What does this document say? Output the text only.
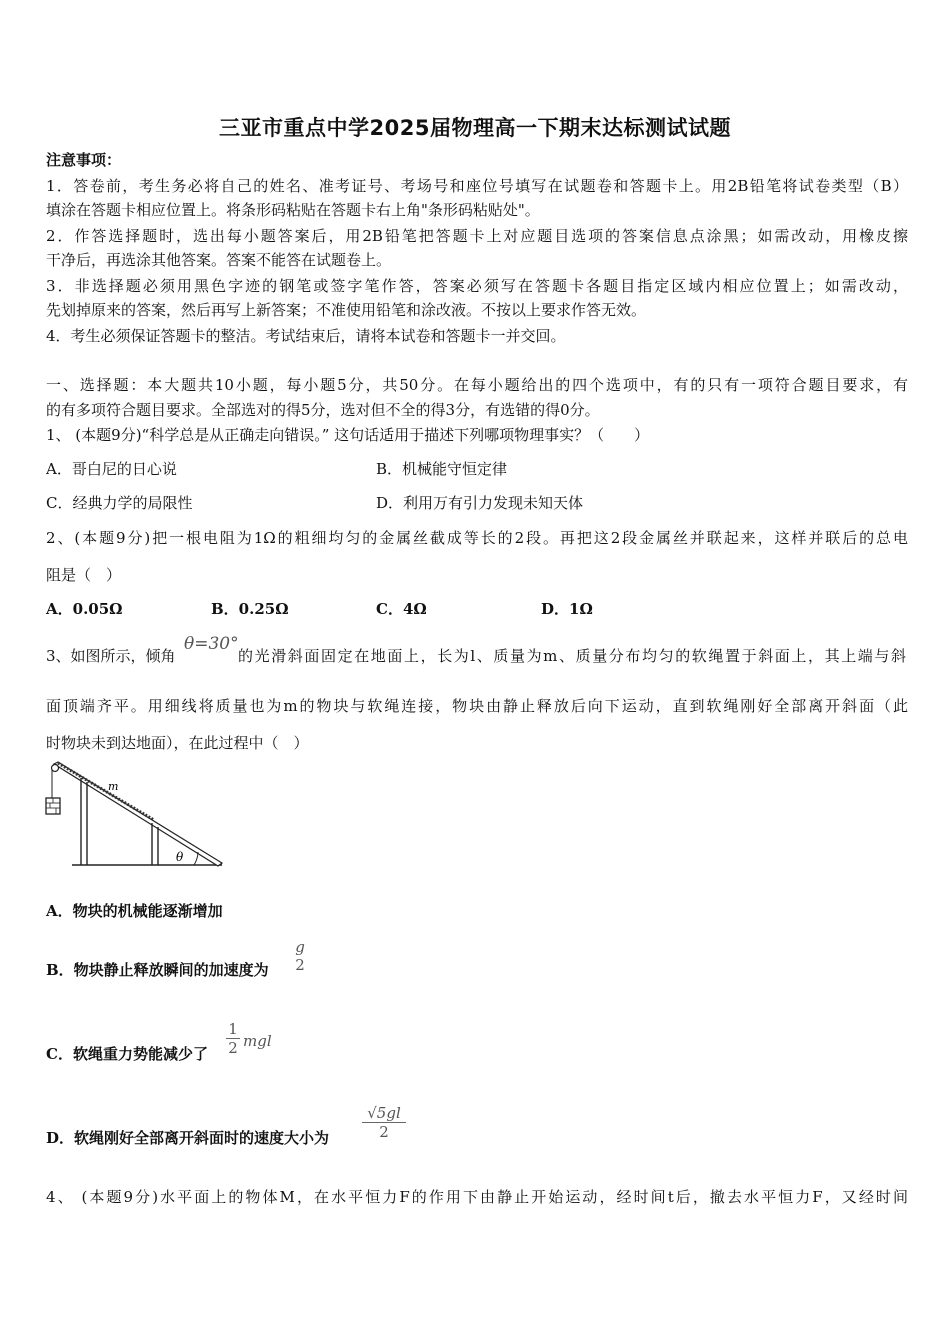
三亚市重点中学2025届物理高一下期末达标测试试题
注意事项：
1．答卷前，考生务必将自己的姓名、准考证号、考场号和座位号填写在试题卷和答题卡上。用2B铅笔将试卷类型（B）
填涂在答题卡相应位置上。将条形码粘贴在答题卡右上角"条形码粘贴处"。
2．作答选择题时，选出每小题答案后，用2B铅笔把答题卡上对应题目选项的答案信息点涂黑；如需改动，用橡皮擦
干净后，再选涂其他答案。答案不能答在试题卷上。
3．非选择题必须用黑色字迹的钢笔或签字笔作答，答案必须写在答题卡各题目指定区域内相应位置上；如需改动，
先划掉原来的答案，然后再写上新答案；不准使用铅笔和涂改液。不按以上要求作答无效。
4．考生必须保证答题卡的整洁。考试结束后，请将本试卷和答题卡一并交回。
一、选择题：本大题共10小题，每小题5分，共50分。在每小题给出的四个选项中，有的只有一项符合题目要求，有
的有多项符合题目要求。全部选对的得5分，选对但不全的得3分，有选错的得0分。
1、 (本题9分)“科学总是从正确走向错误。” 这句话适用于描述下列哪项物理事实？（　　）
A．哥白尼的日心说	B．机械能守恒定律
C．经典力学的局限性	D．利用万有引力发现未知天体
2、(本题9分)把一根电阻为1Ω的粗细均匀的金属丝截成等长的2段。再把这2段金属丝并联起来，这样并联后的总电
阻是（　）
A．0.05Ω	B．0.25Ω	C．4Ω	D．1Ω
3、如图所示，倾角
θ=30°
的光滑斜面固定在地面上，长为l、质量为m、质量分布均匀的软绳置于斜面上，其上端与斜
面顶端齐平。用细线将质量也为m的物块与软绳连接，物块由静止释放后向下运动，直到软绳刚好全部离开斜面（此
时物块未到达地面），在此过程中（　）
θ
m
A．物块的机械能逐渐增加
B．物块静止释放瞬间的加速度为
g
2
C．软绳重力势能减少了
1
2 mgl
D．软绳刚好全部离开斜面时的速度大小为
√5gl
2
4、 (本题9分)水平面上的物体M，在水平恒力F的作用下由静止开始运动，经时间t后，撤去水平恒力F，又经时间
